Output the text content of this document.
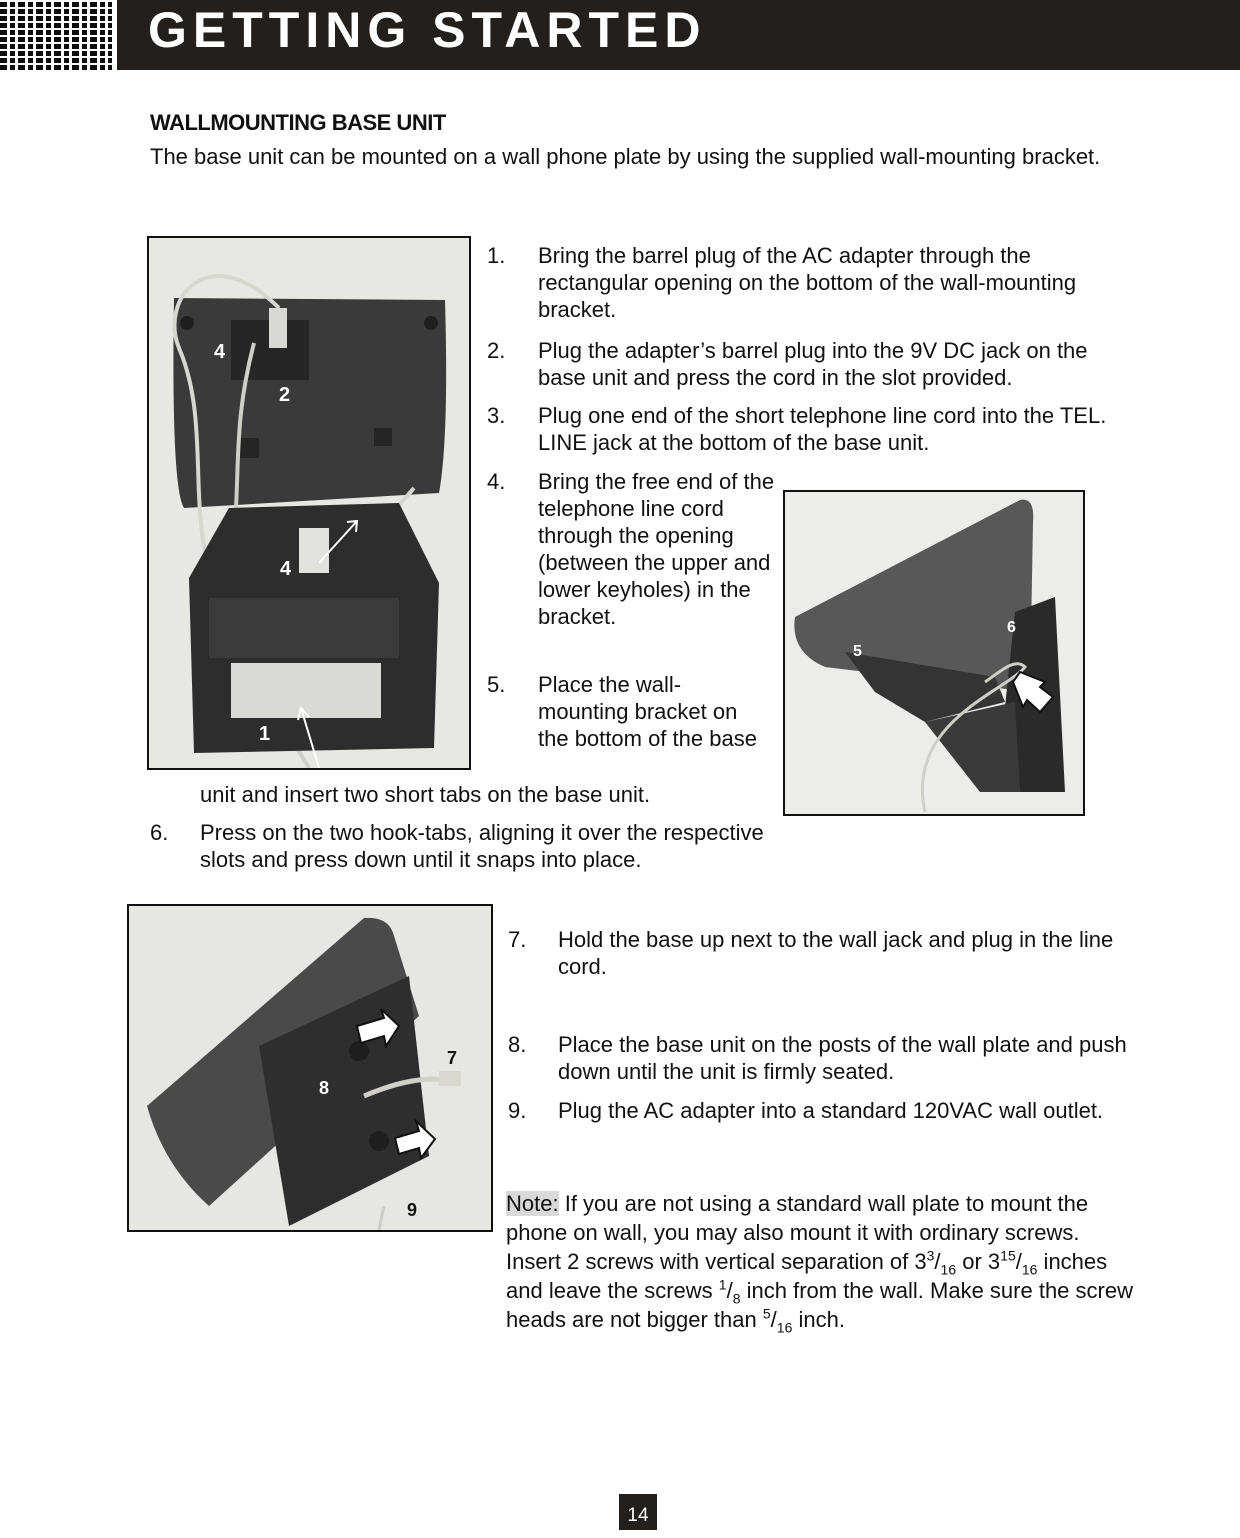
GETTING STARTED
WALLMOUNTING BASE UNIT
The base unit can be mounted on a wall phone plate by using the supplied wall-mounting bracket.
4
2
4
1
5
6
7
8
9
1. Bring the barrel plug of the AC adapter through the rectangular opening on the bottom of the wall-mounting bracket.
2. Plug the adapter’s barrel plug into the 9V DC jack on the base unit and press the cord in the slot provided.
3. Plug one end of the short telephone line cord into the TEL. LINE jack at the bottom of the base unit.
4. Bring the free end of the telephone line cord through the opening (between the upper and lower keyholes) in the bracket.
5. Place the wall-mounting bracket on the bottom of the base
unit and insert two short tabs on the base unit.
6. Press on the two hook-tabs, aligning it over the respective slots and press down until it snaps into place.
7. Hold the base up next to the wall jack and plug in the line cord.
8. Place the base unit on the posts of the wall plate and push down until the unit is firmly seated.
9. Plug the AC adapter into a standard 120VAC wall outlet.
Note: If you are not using a standard wall plate to mount the phone on wall, you may also mount it with ordinary screws. Insert 2 screws with vertical separation of $3^3/_{16}$ or $3^{15}/_{16}$ inches and leave the screws $^1/_8$ inch from the wall. Make sure the screw heads are not bigger than $^5/_{16}$ inch.
14
